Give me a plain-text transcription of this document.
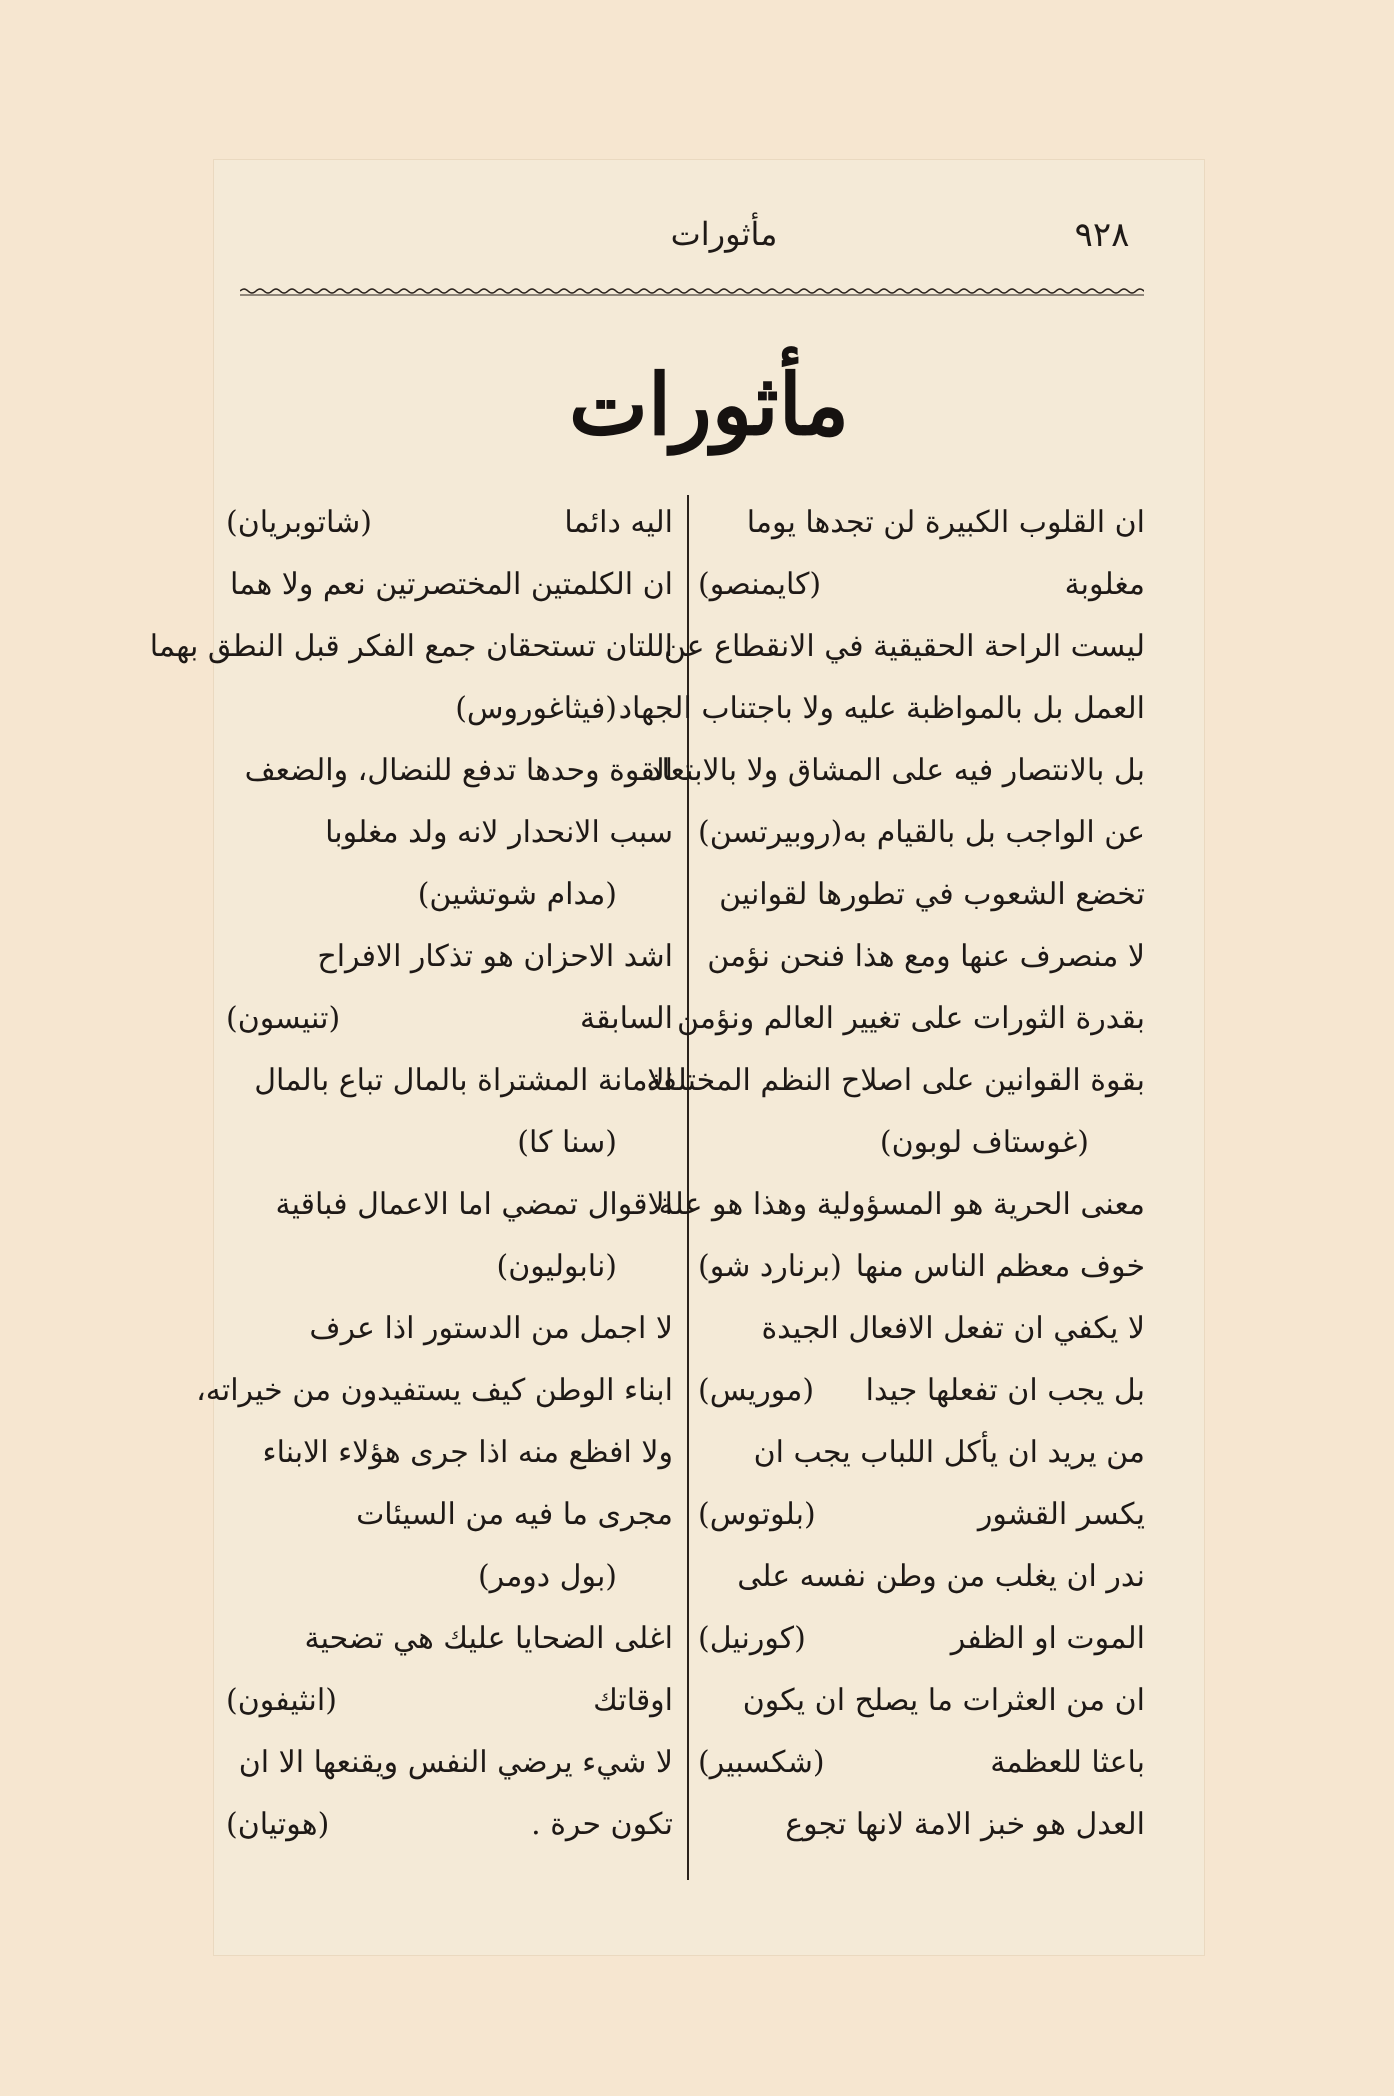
٩٢٨
مأثورات
مأثورات
ان القلوب الكبيرة لن تجدها يوما
مغلوبة
(كايمنصو)
ليست الراحة الحقيقية في الانقطاع عن
العمل بل بالمواظبة عليه ولا باجتناب الجهاد
بل بالانتصار فيه على المشاق ولا بالابتعاد
عن الواجب بل بالقيام به
(روبيرتسن)
تخضع الشعوب في تطورها لقوانين
لا منصرف عنها ومع هذا فنحن نؤمن
بقدرة الثورات على تغيير العالم ونؤمن
بقوة القوانين على اصلاح النظم المختلفة
(غوستاف لوبون)
معنى الحرية هو المسؤولية وهذا هو علة
خوف معظم الناس منها
(برنارد شو)
لا يكفي ان تفعل الافعال الجيدة
بل يجب ان تفعلها جيدا
(موريس)
من يريد ان يأكل اللباب يجب ان
يكسر القشور
(بلوتوس)
ندر ان يغلب من وطن نفسه على
الموت او الظفر
(كورنيل)
ان من العثرات ما يصلح ان يكون
باعثا للعظمة
(شكسبير)
العدل هو خبز الامة لانها تجوع
اليه دائما
(شاتوبريان)
ان الكلمتين المختصرتين نعم ولا هما
اللتان تستحقان جمع الفكر قبل النطق بهما
(فيثاغوروس)
القوة وحدها تدفع للنضال، والضعف
سبب الانحدار لانه ولد مغلوبا
(مدام شوتشين)
اشد الاحزان هو تذكار الافراح
السابقة
(تنيسون)
الامانة المشتراة بالمال تباع بالمال
(سنا كا)
الاقوال تمضي اما الاعمال فباقية
(نابوليون)
لا اجمل من الدستور اذا عرف
ابناء الوطن كيف يستفيدون من خيراته،
ولا افظع منه اذا جرى هؤلاء الابناء
مجرى ما فيه من السيئات
(بول دومر)
اغلى الضحايا عليك هي تضحية
اوقاتك
(انثيفون)
لا شيء يرضي النفس ويقنعها الا ان
تكون حرة .
(هوتيان)
